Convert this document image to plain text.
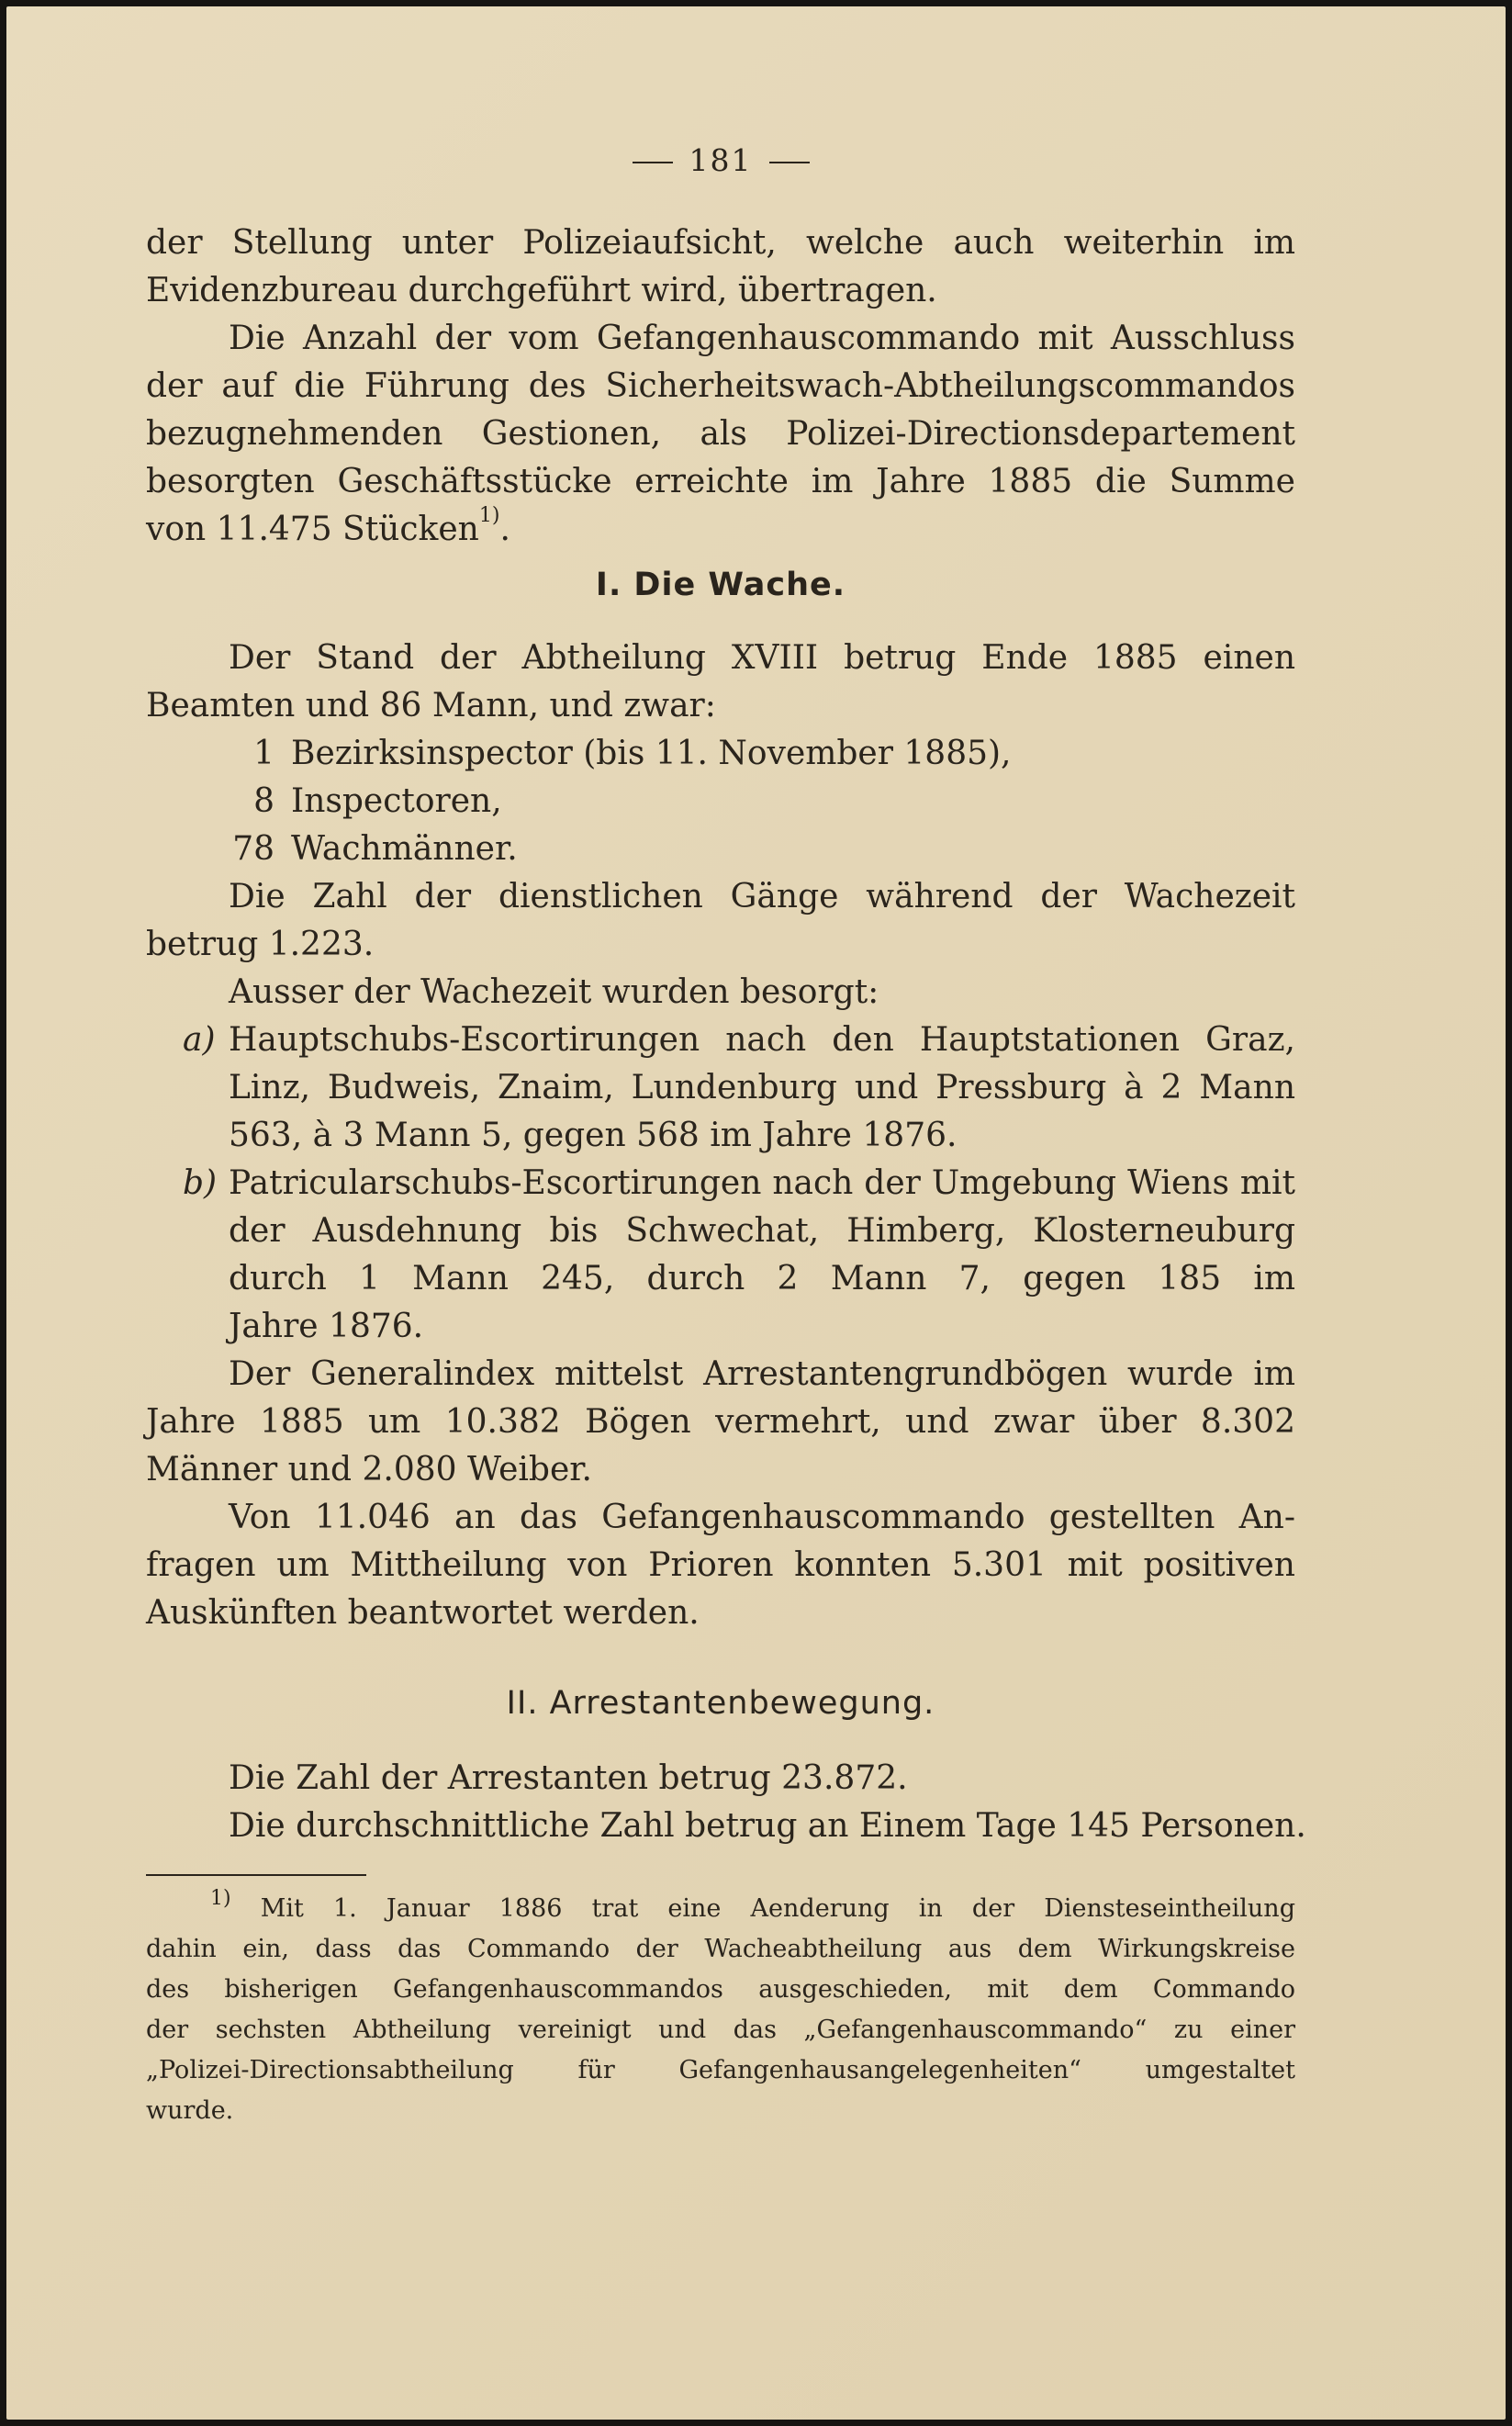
181
der Stellung unter Polizeiaufsicht, welche auch weiterhin im
Evidenzbureau durchgeführt wird, übertragen.
Die Anzahl der vom Gefangenhauscommando mit Ausschluss
der auf die Führung des Sicherheitswach-Abtheilungscommandos
bezugnehmenden Gestionen, als Polizei-Directionsdepartement
besorgten Geschäftsstücke erreichte im Jahre 1885 die Summe
von 11.475 Stücken$^{1)}$.
I. Die Wache.
Der Stand der Abtheilung XVIII betrug Ende 1885 einen
Beamten und 86 Mann, und zwar:
1 Bezirksinspector (bis 11. November 1885),
8 Inspectoren,
78 Wachmänner.
Die Zahl der dienstlichen Gänge während der Wachezeit
betrug 1.223.
Ausser der Wachezeit wurden besorgt:
a) Hauptschubs-Escortirungen nach den Hauptstationen Graz,
Linz, Budweis, Znaim, Lundenburg und Pressburg à 2 Mann
563, à 3 Mann 5, gegen 568 im Jahre 1876.
b) Patricularschubs-Escortirungen nach der Umgebung Wiens mit
der Ausdehnung bis Schwechat, Himberg, Klosterneuburg
durch 1 Mann 245, durch 2 Mann 7, gegen 185 im
Jahre 1876.
Der Generalindex mittelst Arrestantengrundbögen wurde im
Jahre 1885 um 10.382 Bögen vermehrt, und zwar über 8.302
Männer und 2.080 Weiber.
Von 11.046 an das Gefangenhauscommando gestellten An-
fragen um Mittheilung von Prioren konnten 5.301 mit positiven
Auskünften beantwortet werden.
II. Arrestantenbewegung.
Die Zahl der Arrestanten betrug 23.872.
Die durchschnittliche Zahl betrug an Einem Tage 145 Personen.
$^{1)}$ Mit 1. Januar 1886 trat eine Aenderung in der Diensteseintheilung
dahin ein, dass das Commando der Wacheabtheilung aus dem Wirkungskreise
des bisherigen Gefangenhauscommandos ausgeschieden, mit dem Commando
der sechsten Abtheilung vereinigt und das „Gefangenhauscommando“ zu einer
„Polizei-Directionsabtheilung für Gefangenhausangelegenheiten“ umgestaltet
wurde.
